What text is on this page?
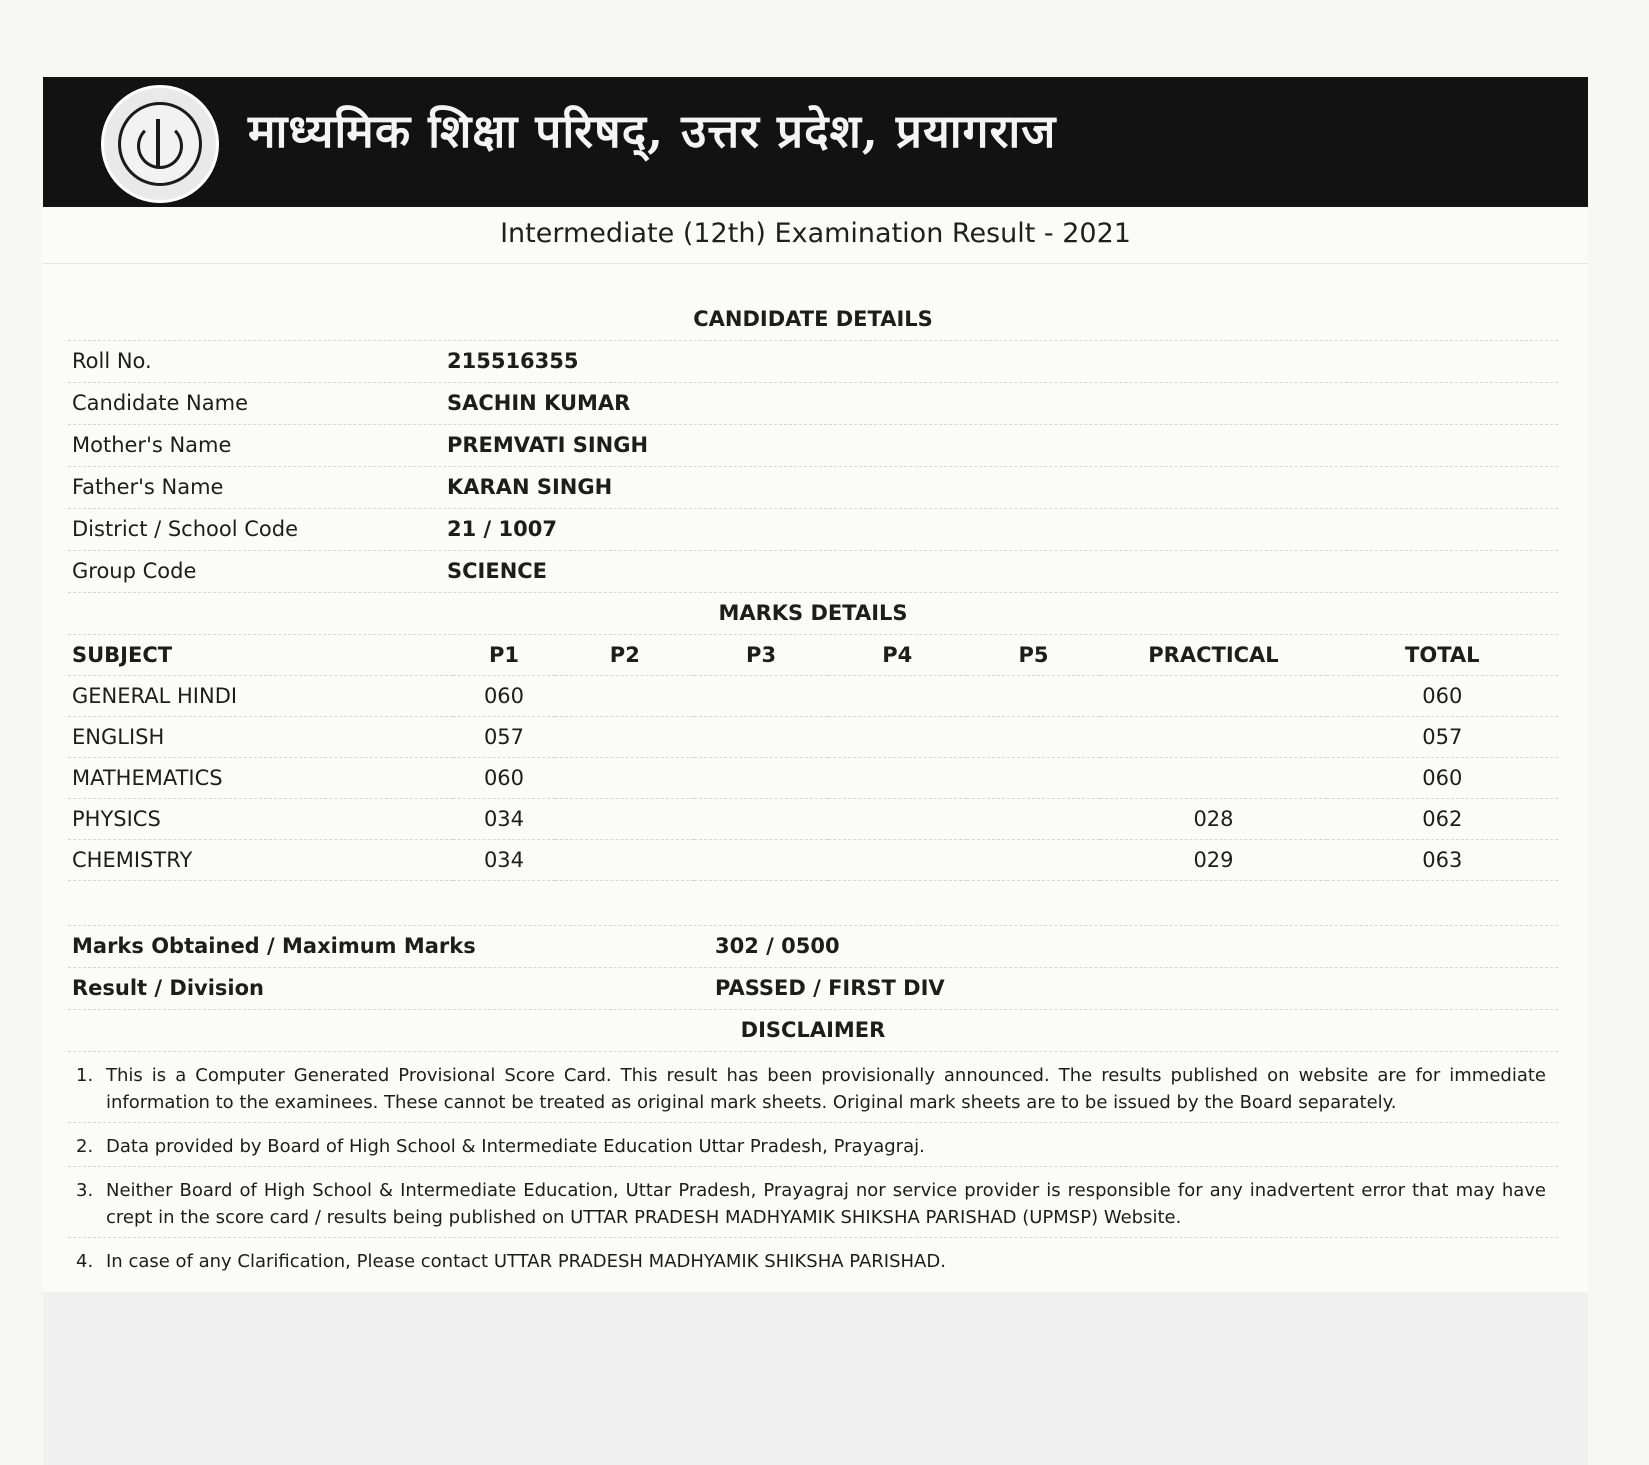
माध्यमिक शिक्षा परिषद्, उत्तर प्रदेश, प्रयागराज
Intermediate (12th) Examination Result - 2021
CANDIDATE DETAILS
Roll No.	215516355
Candidate Name	SACHIN KUMAR
Mother's Name	PREMVATI SINGH
Father's Name	KARAN SINGH
District / School Code	21 / 1007
Group Code	SCIENCE
MARKS DETAILS
SUBJECT	P1	P2	P3	P4	P5	PRACTICAL	TOTAL
GENERAL HINDI	060						060
ENGLISH	057						057
MATHEMATICS	060						060
PHYSICS	034					028	062
CHEMISTRY	034					029	063
Marks Obtained / Maximum Marks	302 / 0500
Result / Division	PASSED / FIRST DIV
DISCLAIMER
1. This is a Computer Generated Provisional Score Card. This result has been provisionally announced. The results published on website are for immediate information to the examinees. These cannot be treated as original mark sheets. Original mark sheets are to be issued by the Board separately.
2. Data provided by Board of High School & Intermediate Education Uttar Pradesh, Prayagraj.
3. Neither Board of High School & Intermediate Education, Uttar Pradesh, Prayagraj nor service provider is responsible for any inadvertent error that may have crept in the score card / results being published on UTTAR PRADESH MADHYAMIK SHIKSHA PARISHAD (UPMSP) Website.
4. In case of any Clarification, Please contact UTTAR PRADESH MADHYAMIK SHIKSHA PARISHAD.
